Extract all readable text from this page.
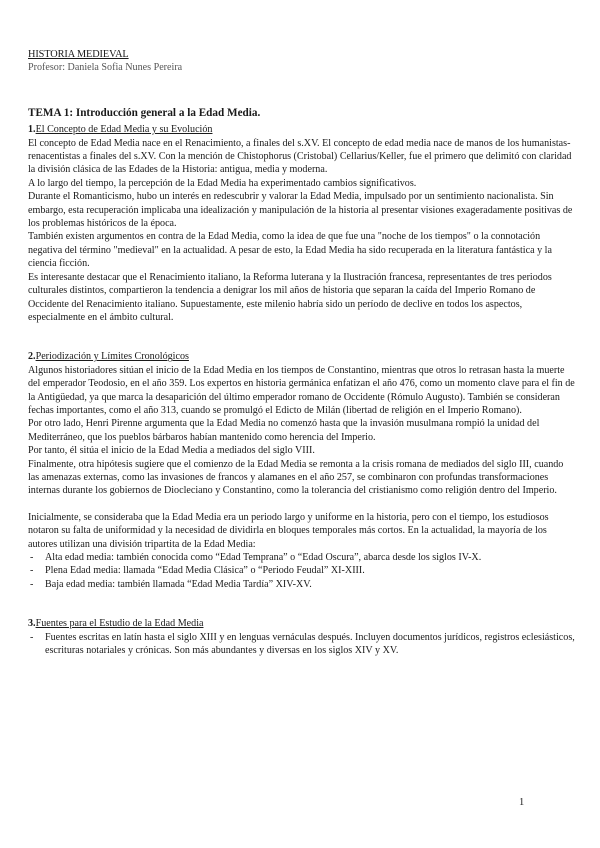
HISTORIA MEDIEVAL

Profesor: Daniela Sofia Nunes Pereira

TEMA 1: Introducción general a la Edad Media.

1.El Concepto de Edad Media y su Evolución

El concepto de Edad Media nace en el Renacimiento, a finales del s.XV. El concepto de edad media nace de manos de los humanistas-renacentistas a finales del s.XV. Con la mención de Chistophorus (Cristobal) Cellarius/Keller, fue el primero que delimitó con claridad la división clásica de las Edades de la Historia: antigua, media y moderna.

A lo largo del tiempo, la percepción de la Edad Media ha experimentado cambios significativos.

Durante el Romanticismo, hubo un interés en redescubrir y valorar la Edad Media, impulsado por un sentimiento nacionalista. Sin embargo, esta recuperación implicaba una idealización y manipulación de la historia al presentar visiones exageradamente positivas de los problemas históricos de la época.

También existen argumentos en contra de la Edad Media, como la idea de que fue una "noche de los tiempos" o la connotación negativa del término "medieval" en la actualidad. A pesar de esto, la Edad Media ha sido recuperada en la literatura fantástica y la ciencia ficción.

Es interesante destacar que el Renacimiento italiano, la Reforma luterana y la Ilustración francesa, representantes de tres periodos culturales distintos, compartieron la tendencia a denigrar los mil años de historia que separan la caída del Imperio Romano de Occidente del Renacimiento italiano. Supuestamente, este milenio habría sido un período de declive en todos los aspectos, especialmente en el ámbito cultural.

2.Periodización y Límites Cronológicos

Algunos historiadores sitúan el inicio de la Edad Media en los tiempos de Constantino, mientras que otros lo retrasan hasta la muerte del emperador Teodosio, en el año 359. Los expertos en historia germánica enfatizan el año 476, como un momento clave para el fin de la Antigüedad, ya que marca la desaparición del último emperador romano de Occidente (Rómulo Augusto). También se consideran fechas importantes, como el año 313, cuando se promulgó el Edicto de Milán (libertad de religión en el Imperio Romano).

Por otro lado, Henri Pirenne argumenta que la Edad Media no comenzó hasta que la invasión musulmana rompió la unidad del Mediterráneo, que los pueblos bárbaros habían mantenido como herencia del Imperio.

Por tanto, él sitúa el inicio de la Edad Media a mediados del siglo VIII.

Finalmente, otra hipótesis sugiere que el comienzo de la Edad Media se remonta a la crisis romana de mediados del siglo III, cuando las amenazas externas, como las invasiones de francos y alamanes en el año 257, se combinaron con profundas transformaciones internas durante los gobiernos de Diocleciano y Constantino, como la tolerancia del cristianismo como religión dentro del Imperio.

Inicialmente, se consideraba que la Edad Media era un periodo largo y uniforme en la historia, pero con el tiempo, los estudiosos notaron su falta de uniformidad y la necesidad de dividirla en bloques temporales más cortos. En la actualidad, la mayoría de los autores utilizan una división tripartita de la Edad Media:

- Alta edad media: también conocida como “Edad Temprana” o “Edad Oscura”, abarca desde los siglos IV-X.
- Plena Edad media: llamada “Edad Media Clásica” o “Periodo Feudal” XI-XIII.
- Baja edad media: también llamada “Edad Media Tardía” XIV-XV.

3.Fuentes para el Estudio de la Edad Media

- Fuentes escritas en latín hasta el siglo XIII y en lenguas vernáculas después. Incluyen documentos jurídicos, registros eclesiásticos, escrituras notariales y crónicas. Son más abundantes y diversas en los siglos XIV y XV.
1
